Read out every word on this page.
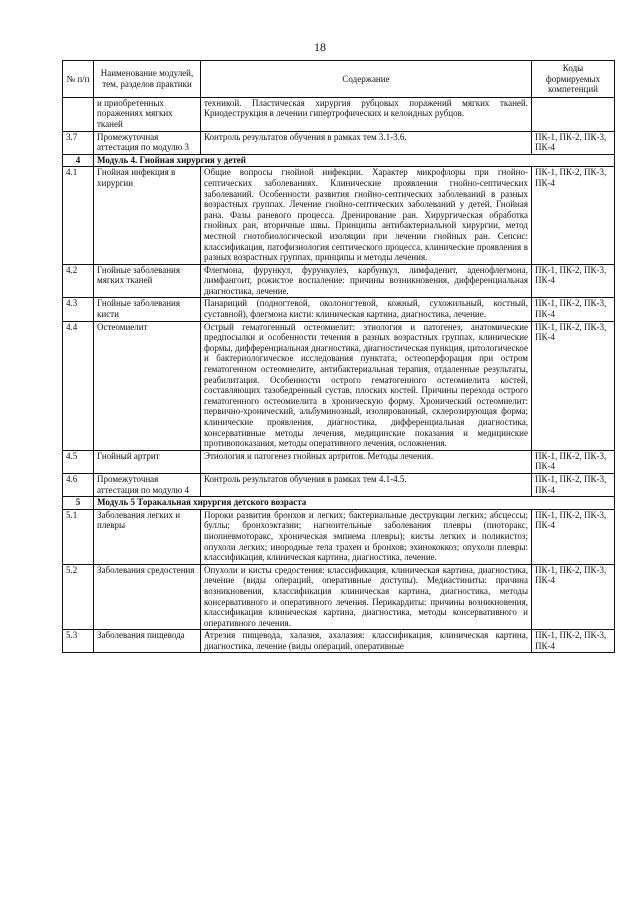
18
№ п/п	Наименование модулей, тем, разделов практики	Содержание	Коды формируемых компетенций
	и приобретенных поражениях мягких тканей	техникой. Пластическая хирургия рубцовых поражений мягких тканей. Криодеструкция в лечении гипертрофических и келоидных рубцов.	
3.7	Промежуточная аттестация по модулю 3	Контроль результатов обучения в рамках тем 3.1-3.6.	ПК-1, ПК-2, ПК-3, ПК-4
4	Модуль 4. Гнойная хирургия у детей		
4.1	Гнойная инфекция в хирургии	Общие вопросы гнойной инфекции. Характер микрофлоры при гнойно-септических заболеваниях. Клинические проявления гнойно-септических заболеваний. Особенности развития гнойно-септических заболеваний в разных возрастных группах. Лечение гнойно-септических заболеваний у детей. Гнойная рана. Фазы раневого процесса. Дренирование ран. Хирургическая обработка гнойных ран, вторичные швы. Принципы антибактериальной хирургии, метод местной гнотобиологической изоляции при лечении гнойных ран. Сепсис: классификация, патофизиология септического процесса, клинические проявления в разных возрастных группах, принципы и методы лечения.	ПК-1, ПК-2, ПК-3, ПК-4
4.2	Гнойные заболевания мягких тканей	Флегмона, фурункул, фурункулез, карбункул, лимфаденит, аденофлегмона, лимфангоит, рожистое воспаление: причины возникновения, дифференциальная диагностика, лечение.	ПК-1, ПК-2, ПК-3, ПК-4
4.3	Гнойные заболевания кисти	Панариций (подногтевой, околоногтевой, кожный, сухожильный, костный, суставной), флегмона кисти: клиническая картина, диагностика, лечение.	ПК-1, ПК-2, ПК-3, ПК-4
4.4	Остеомиелит	Острый гематогенный остеомиелит: этиология и патогенез, анатомические предпосылки и особенности течения в разных возрастных группах, клинические формы, дифференциальная диагностика, диагностическая пункция, цитологическое и бактериологическое исследования пунктата, остеоперфорация при остром гематогенном остеомиелите, антибактериальная терапия, отдаленные результаты, реабилитация. Особенности острого гематогенного остеомиелита костей, составляющих тазобедренный сустав, плоских костей. Причины перехода острого гематогенного остеомиелита в хроническую форму. Хронический остеомиелит: первично-хронический, альбуминозный, изолированный, склерозирующая форма; клинические проявления, диагностика, дифференциальная диагностика, консервативные методы лечения, медицинские показания и медицинские противопоказания, методы оперативного лечения, осложнения.	ПК-1, ПК-2, ПК-3, ПК-4
4.5	Гнойный артрит	Этиология и патогенез гнойных артритов. Методы лечения.	ПК-1, ПК-2, ПК-3, ПК-4
4.6	Промежуточная аттестация по модулю 4	Контроль результатов обучения в рамках тем 4.1-4.5.	ПК-1, ПК-2, ПК-3, ПК-4
5	Модуль 5 Торакальная хирургия детского возраста		
5.1	Заболевания легких и плевры	Пороки развития бронхов и легких; бактериальные деструкции легких; абсцессы; буллы; бронхоэктазии; нагноительные заболевания плевры (пиоторакс, пиопневмоторакс, хроническая эмпиема плевры); кисты легких и поликистоз; опухоли легких; инородные тела трахеи и бронхов; эхинококкоз; опухоли плевры: классификация, клиническая картина, диагностика, лечение.	ПК-1, ПК-2, ПК-3, ПК-4
5.2	Заболевания средостения	Опухоли и кисты средостения: классификация, клиническая картина, диагностика, лечение (виды операций, оперативные доступы). Медиастиниты: причина возникновения, классификация клиническая картина, диагностика, методы консервативного и оперативного лечения. Перикардиты: причины возникновения, классификация клиническая картина, диагностика, методы консервативного и оперативного лечения.	ПК-1, ПК-2, ПК-3, ПК-4
5.3	Заболевания пищевода	Атрезия пищевода, халазия, ахалазия: классификация, клиническая картина, диагностика, лечение (виды операций, оперативные	ПК-1, ПК-2, ПК-3, ПК-4
